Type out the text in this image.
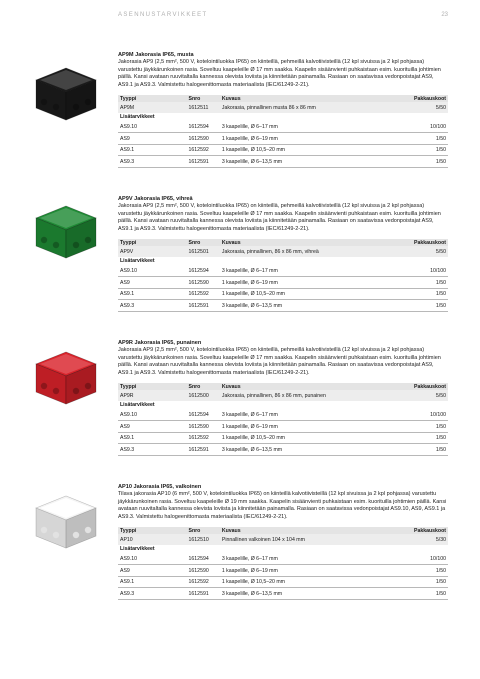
ASENNUSTARVIKKEET	23

AP9M Jakorasia IP65, musta

Jakorasia AP9 (2,5 mm², 500 V, kotelointiluokka IP65) on kiinteillä, pehmeillä kalvotiivisteillä (12 kpl sivuissa ja 2 kpl pohjassa) varustettu jäykkärunkoinen rasia. Soveltuu kaapeleille Ø 17 mm saakka. Kaapelin sisäänvienti puhkaistaan esim. kuorituilla johtimien päillä. Kansi avataan ruuvitaltalla kannessa olevista loviista ja kiinnitetään painamalla. Rasiaan on saatavissa vedonpoistajat AS9, AS9.1 ja AS9.3. Valmistettu halogeenittomasta materiaalista (IEC/61249-2-21).

Tyyppi	Snro	Kuvaus	Pakkauskoot
AP9M	1612511	Jakorasia, pinnallinen musta 86 x 86 mm	5/50
Lisätarvikkeet			
AS9.10	1612594	3 kaapelille, Ø 6–17 mm	10/100
AS9	1612590	1 kaapelille, Ø 6–19 mm	1/50
AS9.1	1612592	1 kaapelille, Ø 10,5–20 mm	1/50
AS9.3	1612591	3 kaapelille, Ø 6–13,5 mm	1/50

AP9V Jakorasia IP65, vihreä

Jakorasia AP9 (2,5 mm², 500 V, kotelointiluokka IP65) on kiinteillä, pehmeillä kalvotiivisteillä (12 kpl sivuissa ja 2 kpl pohjassa) varustettu jäykkärunkoinen rasia. Soveltuu kaapeleille Ø 17 mm saakka. Kaapelin sisäänvienti puhkaistaan esim. kuorituilla johtimien päillä. Kansi avataan ruuvitaltalla kannessa olevista loviista ja kiinnitetään painamalla. Rasiaan on saatavissa vedonpoistajat AS9, AS9.1 ja AS9.3. Valmistettu halogeenittomasta materiaalista (IEC/61249-2-21).

Tyyppi	Snro	Kuvaus	Pakkauskoot
AP9V	1612501	Jakorasia, pinnallinen, 86 x 86 mm, vihreä	5/50
Lisätarvikkeet			
AS9.10	1612594	3 kaapelille, Ø 6–17 mm	10/100
AS9	1612590	1 kaapelille, Ø 6–19 mm	1/50
AS9.1	1612592	1 kaapelille, Ø 10,5–20 mm	1/50
AS9.3	1612591	3 kaapelille, Ø 6–13,5 mm	1/50

AP9R Jakorasia IP65, punainen

Jakorasia AP9 (2,5 mm², 500 V, kotelointiluokka IP65) on kiinteillä, pehmeillä kalvotiivisteillä (12 kpl sivuissa ja 2 kpl pohjassa) varustettu jäykkärunkoinen rasia. Soveltuu kaapeleille Ø 17 mm saakka. Kaapelin sisäänvienti puhkaistaan esim. kuorituilla johtimien päillä. Kansi avataan ruuvitaltalla kannessa olevista loviista ja kiinnitetään painamalla. Rasiaan on saatavissa vedonpoistajat AS9, AS9.1 ja AS9.3. Valmistettu halogeenittomasta materiaalista (IEC/61249-2-21).

Tyyppi	Snro	Kuvaus	Pakkauskoot
AP9R	1612500	Jakorasia, pinnallinen, 86 x 86 mm, punainen	5/50
Lisätarvikkeet			
AS9.10	1612594	3 kaapelille, Ø 6–17 mm	10/100
AS9	1612590	1 kaapelille, Ø 6–19 mm	1/50
AS9.1	1612592	1 kaapelille, Ø 10,5–20 mm	1/50
AS9.3	1612591	3 kaapelille, Ø 6–13,5 mm	1/50

AP10 Jakorasia IP65, valkoinen

Tilava jakorasia AP10 (6 mm², 500 V, kotelointiluokka IP65) on kiinteillä kalvotiivisteillä (12 kpl sivuissa ja 2 kpl pohjassa) varustettu jäykkärunkoinen rasia. Soveltuu kaapeleille Ø 19 mm saakka. Kaapelin sisäänvienti puhkaistaan esim. kuorituilla johtimien päillä. Kansi avataan ruuvitaltalla kannessa olevista loviista ja kiinnitetään painamalla. Rasiaan on saatavissa vedonpoistajat AS9.10, AS9, AS9.1 ja AS9.3. Valmistettu halogeenittomasta materiaalista (IEC/61249-2-21).

Tyyppi	Snro	Kuvaus	Pakkauskoot
AP10	1612510	Pinnallinen valkoinen 104 x 104 mm	5/30
Lisätarvikkeet			
AS9.10	1612594	3 kaapelille, Ø 6–17 mm	10/100
AS9	1612590	1 kaapelille, Ø 6–19 mm	1/50
AS9.1	1612592	1 kaapelille, Ø 10,5–20 mm	1/50
AS9.3	1612591	3 kaapelille, Ø 6–13,5 mm	1/50
